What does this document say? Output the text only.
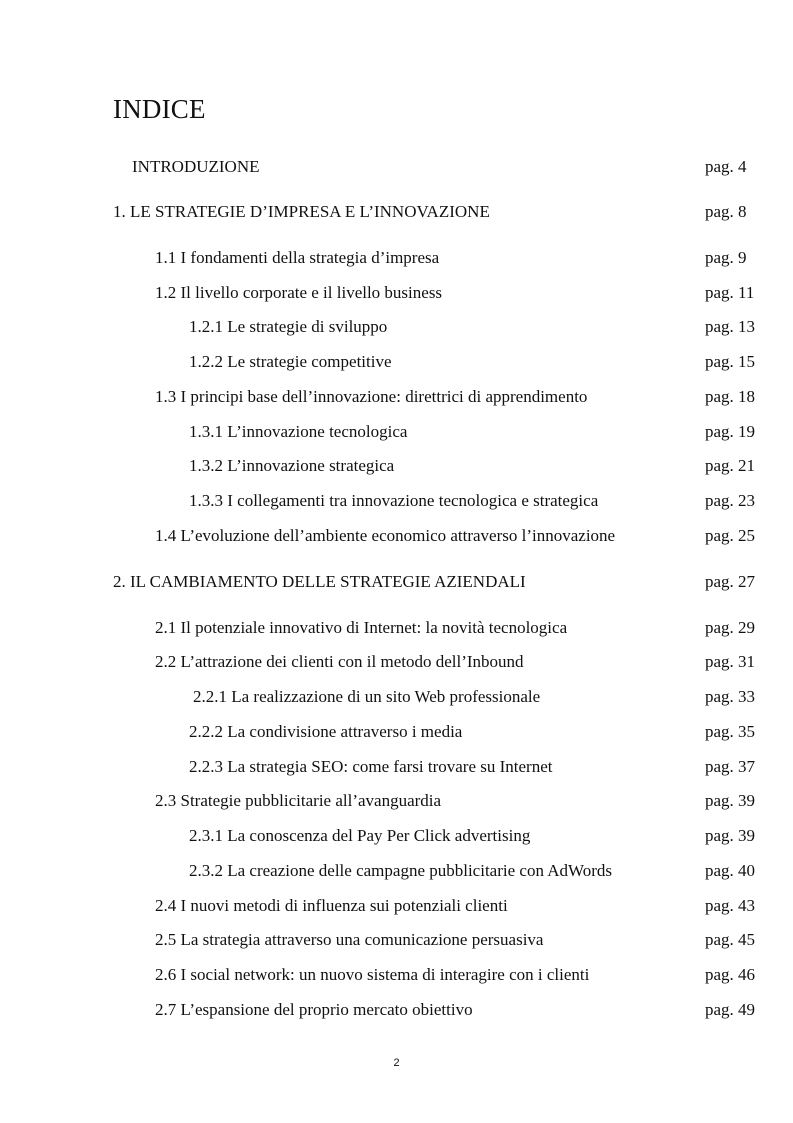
INDICE
INTRODUZIONE	pag. 4
1. LE STRATEGIE D’IMPRESA E L’INNOVAZIONE	pag. 8
1.1 I fondamenti della strategia d’impresa	pag. 9
1.2 Il livello corporate e il livello business	pag. 11
1.2.1 Le strategie di sviluppo	pag. 13
1.2.2 Le strategie competitive	pag. 15
1.3 I principi base dell’innovazione: direttrici di apprendimento	pag. 18
1.3.1 L’innovazione tecnologica	pag. 19
1.3.2 L’innovazione strategica	pag. 21
1.3.3 I collegamenti tra innovazione tecnologica e strategica	pag. 23
1.4 L’evoluzione dell’ambiente economico attraverso l’innovazione	pag. 25
2. IL CAMBIAMENTO DELLE STRATEGIE AZIENDALI	pag. 27
2.1 Il potenziale innovativo di Internet: la novità tecnologica	pag. 29
2.2 L’attrazione dei clienti con il metodo dell’Inbound	pag. 31
2.2.1 La realizzazione di un sito Web professionale	pag. 33
2.2.2 La condivisione attraverso i media	pag. 35
2.2.3 La strategia SEO: come farsi trovare su Internet	pag. 37
2.3 Strategie pubblicitarie all’avanguardia	pag. 39
2.3.1 La conoscenza del Pay Per Click advertising	pag. 39
2.3.2 La creazione delle campagne pubblicitarie con AdWords	pag. 40
2.4 I nuovi metodi di influenza sui potenziali clienti	pag. 43
2.5 La strategia attraverso una comunicazione persuasiva	pag. 45
2.6 I social network: un nuovo sistema di interagire con i clienti	pag. 46
2.7 L’espansione del proprio mercato obiettivo	pag. 49
2
